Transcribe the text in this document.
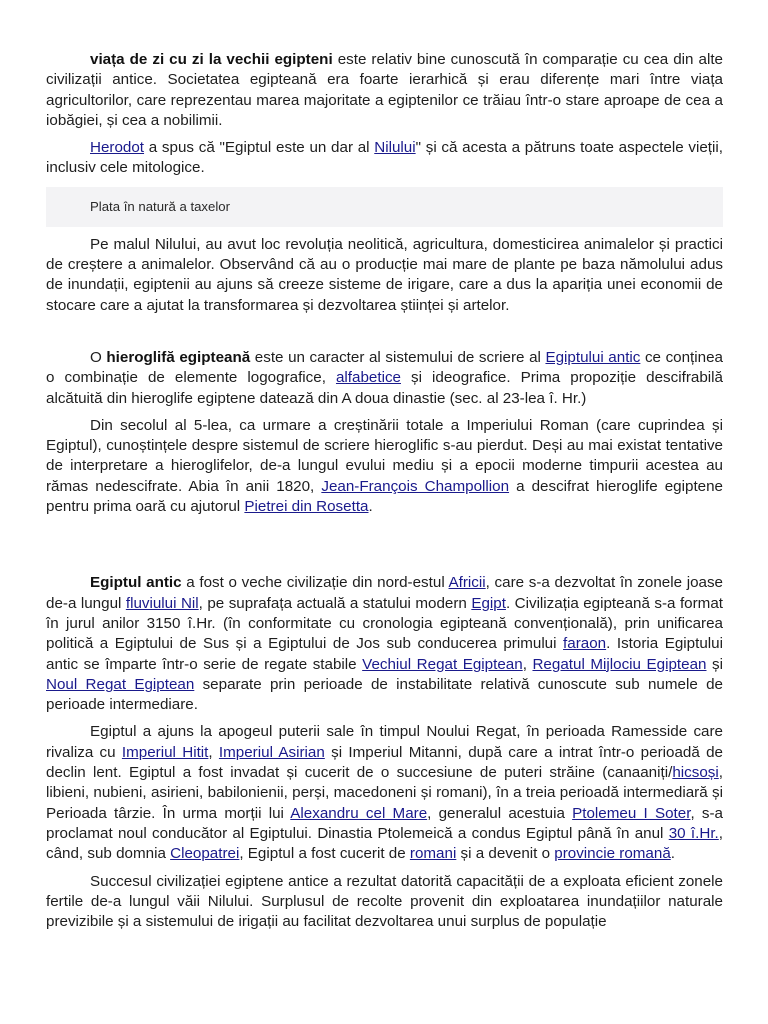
viața de zi cu zi la vechii egipteni este relativ bine cunoscută în comparație cu cea din alte civilizații antice. Societatea egipteană era foarte ierarhică și erau diferențe mari între viața agricultorilor, care reprezentau marea majoritate a egiptenilor ce trăiau într-o stare aproape de cea a iobăgiei, și cea a nobilimii.

Herodot a spus că "Egiptul este un dar al Nilului" și că acesta a pătruns toate aspectele vieții, inclusiv cele mitologice.

Plata în natură a taxelor

Pe malul Nilului, au avut loc revoluția neolitică, agricultura, domesticirea animalelor și practici de creștere a animalelor. Observând că au o producție mai mare de plante pe baza nămolului adus de inundații, egiptenii au ajuns să creeze sisteme de irigare, care a dus la apariția unei economii de stocare care a ajutat la transformarea și dezvoltarea științei și artelor.

O hieroglifă egipteană este un caracter al sistemului de scriere al Egiptului antic ce conținea o combinație de elemente logografice, alfabetice și ideografice. Prima propoziție descifrabilă alcătuită din hieroglife egiptene datează din A doua dinastie (sec. al 23-lea î. Hr.)

Din secolul al 5-lea, ca urmare a creștinării totale a Imperiului Roman (care cuprindea și Egiptul), cunoștințele despre sistemul de scriere hieroglific s-au pierdut. Deși au mai existat tentative de interpretare a hieroglifelor, de-a lungul evului mediu și a epocii moderne timpurii acestea au rămas nedescifrate. Abia în anii 1820, Jean-François Champollion a descifrat hieroglife egiptene pentru prima oară cu ajutorul Pietrei din Rosetta.

Egiptul antic a fost o veche civilizație din nord-estul Africii, care s-a dezvoltat în zonele joase de-a lungul fluviului Nil, pe suprafața actuală a statului modern Egipt. Civilizația egipteană s-a format în jurul anilor 3150 î.Hr. (în conformitate cu cronologia egipteană convențională), prin unificarea politică a Egiptului de Sus și a Egiptului de Jos sub conducerea primului faraon. Istoria Egiptului antic se împarte într-o serie de regate stabile Vechiul Regat Egiptean, Regatul Mijlociu Egiptean și Noul Regat Egiptean separate prin perioade de instabilitate relativă cunoscute sub numele de perioade intermediare.

Egiptul a ajuns la apogeul puterii sale în timpul Noului Regat, în perioada Ramesside care rivaliza cu Imperiul Hitit, Imperiul Asirian și Imperiul Mitanni, după care a intrat într-o perioadă de declin lent. Egiptul a fost invadat și cucerit de o succesiune de puteri străine (canaaniți/hicsoși, libieni, nubieni, asirieni, babilonienii, perși, macedoneni și romani), în a treia perioadă intermediară și Perioada târzie. În urma morții lui Alexandru cel Mare, generalul acestuia Ptolemeu I Soter, s-a proclamat noul conducător al Egiptului. Dinastia Ptolemeică a condus Egiptul până în anul 30 î.Hr., când, sub domnia Cleopatrei, Egiptul a fost cucerit de romani și a devenit o provincie romană.

Succesul civilizației egiptene antice a rezultat datorită capacității de a exploata eficient zonele fertile de-a lungul văii Nilului. Surplusul de recolte provenit din exploatarea inundațiilor naturale previzibile și a sistemului de irigații au facilitat dezvoltarea unui surplus de populație
